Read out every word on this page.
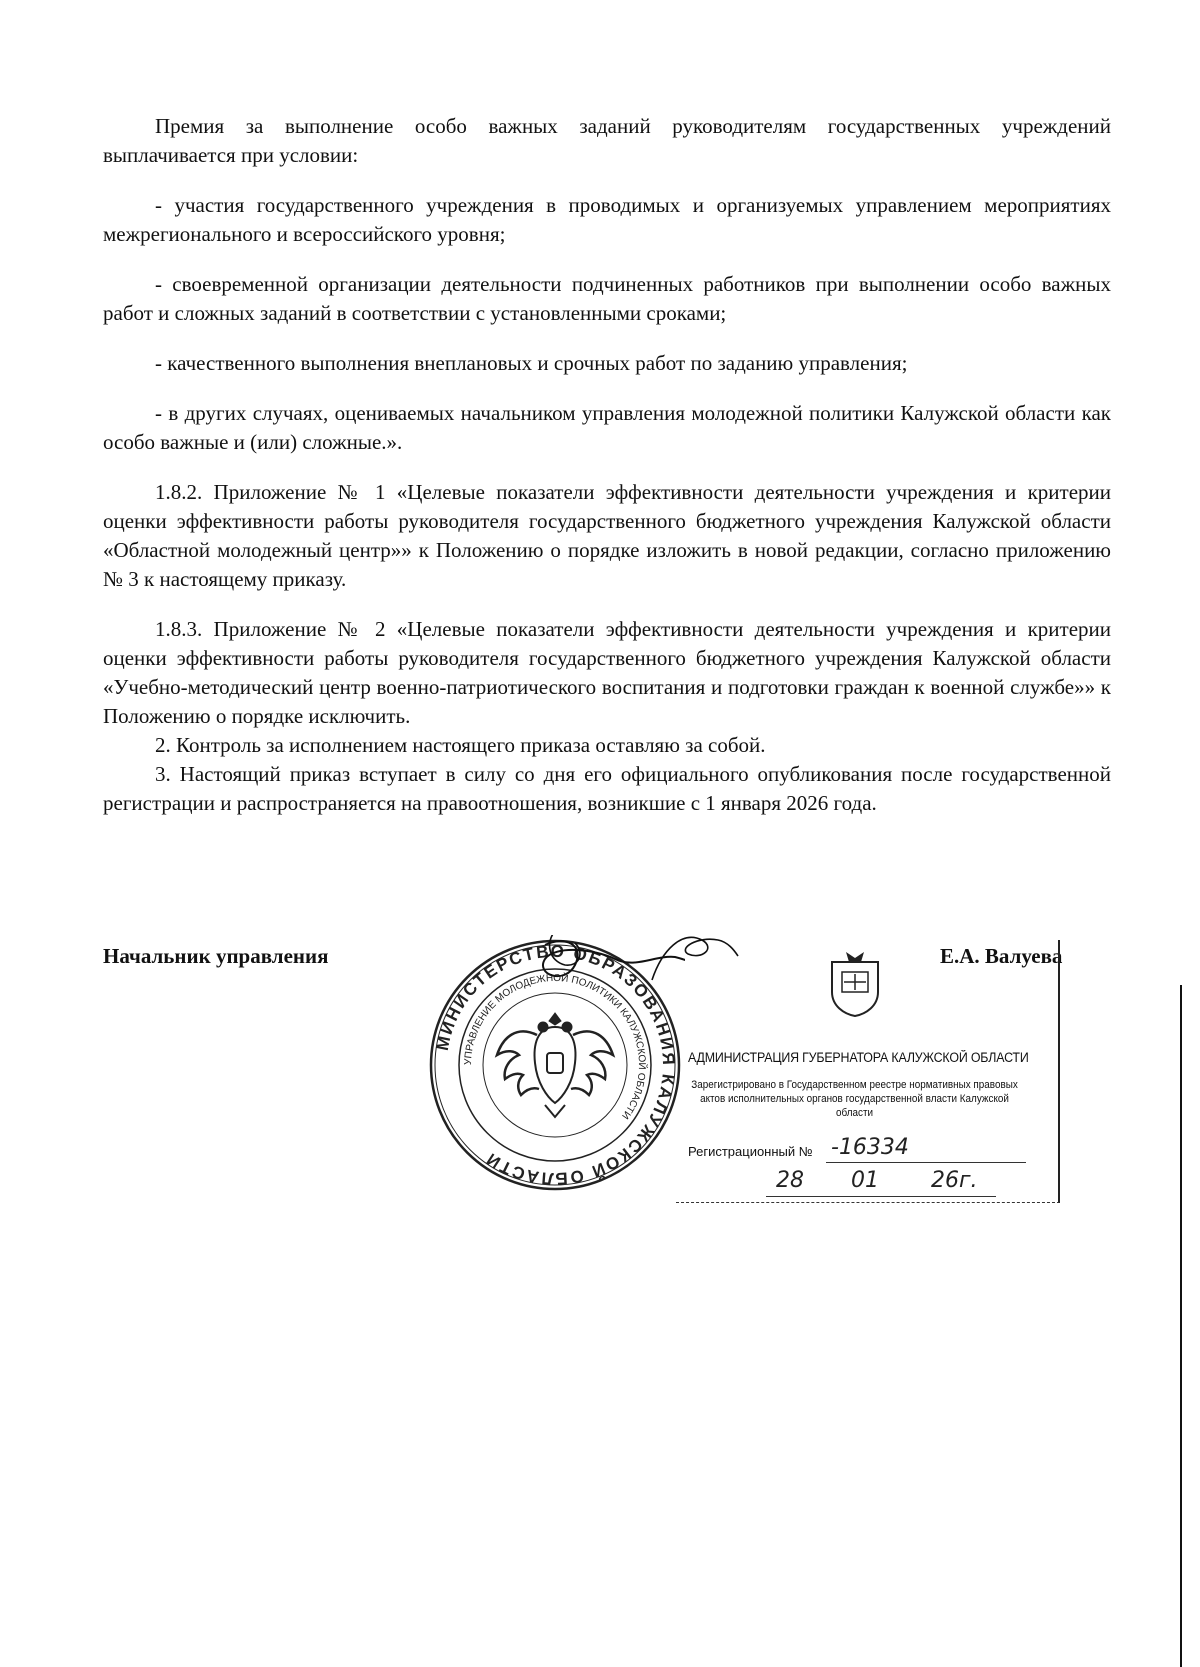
Премия за выполнение особо важных заданий руководителям государственных учреждений выплачивается при условии:

- участия государственного учреждения в проводимых и организуемых управлением мероприятиях межрегионального и всероссийского уровня;

- своевременной организации деятельности подчиненных работников при выполнении особо важных работ и сложных заданий в соответствии с установленными сроками;

- качественного выполнения внеплановых и срочных работ по заданию управления;

- в других случаях, оцениваемых начальником управления молодежной политики Калужской области как особо важные и (или) сложные.».

1.8.2. Приложение № 1 «Целевые показатели эффективности деятельности учреждения и критерии оценки эффективности работы руководителя государственного бюджетного учреждения Калужской области «Областной молодежный центр»» к Положению о порядке изложить в новой редакции, согласно приложению № 3 к настоящему приказу.

1.8.3. Приложение № 2 «Целевые показатели эффективности деятельности учреждения и критерии оценки эффективности работы руководителя государственного бюджетного учреждения Калужской области «Учебно-методический центр военно-патриотического воспитания и подготовки граждан к военной службе»» к Положению о порядке исключить.

2. Контроль за исполнением настоящего приказа оставляю за собой.

3. Настоящий приказ вступает в силу со дня его официального опубликования после государственной регистрации и распространяется на правоотношения, возникшие с 1 января 2026 года.

Начальник управления	Е.А. Валуева
МИНИСТЕРСТВО ОБРАЗОВАНИЯ КАЛУЖСКОЙ ОБЛАСТИ
УПРАВЛЕНИЕ МОЛОДЕЖНОЙ ПОЛИТИКИ КАЛУЖСКОЙ ОБЛАСТИ
АДМИНИСТРАЦИЯ ГУБЕРНАТОРА КАЛУЖСКОЙ ОБЛАСТИ
Зарегистрировано в Государственном реестре нормативных правовых актов исполнительных органов государственной власти Калужской области
Регистрационный № -16334
28 01 26г.
